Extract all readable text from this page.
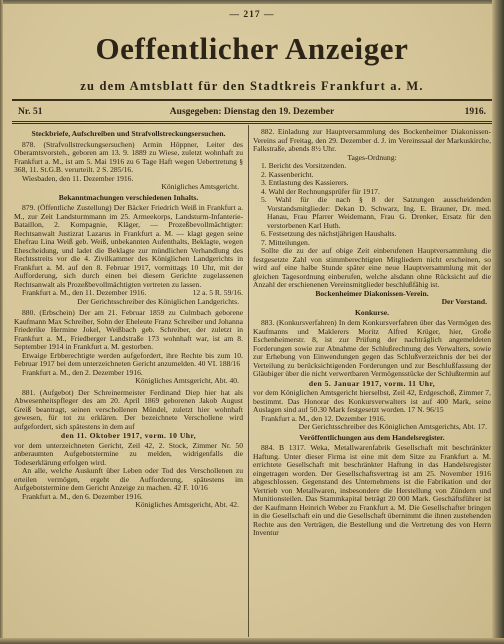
— 217 —
Oeffentlicher Anzeiger
zu dem Amtsblatt für den Stadtkreis Frankfurt a. M.
Nr. 51	Ausgegeben: Dienstag den 19. Dezember	1916.

Steckbriefe, Aufschreiben und Strafvollstreckungsersuchen.

878. (Strafvollstreckungsersuchen) Armin Höppner, Leiter des Oberamtsvorsteh., geboren am 13. 9. 1889 zu Wiese, zuletzt wohnhaft zu Frankfurt a. M., ist am 5. Mai 1916 zu 6 Tage Haft wegen Uebertretung § 368, 11. St.G.B. verurteilt. 2 S. 285/16.

Wiesbaden, den 11. Dezember 1916.

Königliches Amtsgericht.

Bekanntmachungen verschiedenen Inhalts.

879. (Öffentliche Zustellung) Der Bäcker Friedrich Weiß in Frankfurt a. M., zur Zeit Landsturmmann im 25. Armeekorps, Landsturm-Infanterie-Bataillon, 2. Kompagnie, Kläger, — Prozeßbevollmächtigter: Rechtsanwalt Justizrat Lazarus in Frankfurt a. M. — klagt gegen seine Ehefrau Lina Weiß geb. Weiß, unbekannten Aufenthalts, Beklagte, wegen Ehescheidung, und ladet die Beklagte zur mündlichen Verhandlung des Rechtsstreits vor die 4. Zivilkammer des Königlichen Landgerichts in Frankfurt a. M. auf den 8. Februar 1917, vormittags 10 Uhr, mit der Aufforderung, sich durch einen bei diesem Gerichte zugelassenen Rechtsanwalt als Prozeßbevollmächtigten vertreten zu lassen.

Frankfurt a. M., den 11. Dezember 1916.	12 a. 5 R. 59/16.

Der Gerichtsschreiber des Königlichen Landgerichts.

880. (Erbschein) Der am 21. Februar 1859 zu Culmbach geborene Kaufmann Max Schreiber, Sohn der Eheleute Franz Schreiber und Johanna Friederike Hermine Jokel, Weißbach geb. Schreiber, der zuletzt in Frankfurt a. M., Friedberger Landstraße 173 wohnhaft war, ist am 8. September 1914 in Frankfurt a. M. gestorben.

Etwaige Erbberechtigte werden aufgefordert, ihre Rechte bis zum 10. Februar 1917 bei dem unterzeichneten Gericht anzumelden. 40 VI. 188/16

Frankfurt a. M., den 2. Dezember 1916.

Königliches Amtsgericht, Abt. 40.

881. (Aufgebot) Der Schreinermeister Ferdinand Diep hier hat als Abwesenheitspfleger des am 20. April 1869 geborenen Jakob August Greiß beantragt, seinen verschollenen Mündel, zuletzt hier wohnhaft gewesen, für tot zu erklären. Der bezeichnete Verschollene wird aufgefordert, sich spätestens in dem auf

den 11. Oktober 1917, vorm. 10 Uhr,

vor dem unterzeichneten Gericht, Zeil 42, 2. Stock, Zimmer Nr. 50 anberaumten Aufgebotstermine zu melden, widrigenfalls die Todeserklärung erfolgen wird.

An alle, welche Auskunft über Leben oder Tod des Verschollenen zu erteilen vermögen, ergeht die Aufforderung, spätestens im Aufgebotstermine dem Gericht Anzeige zu machen. 42 F. 10/16

Frankfurt a. M., den 6. Dezember 1916.

Königliches Amtsgericht, Abt. 42.

882. Einladung zur Hauptversammlung des Bockenheimer Diakonissen-Vereins auf Freitag, den 29. Dezember d. J. im Vereinssaal der Markuskirche, Falkstraße, abends 8½ Uhr.

Tages-Ordnung:

1. Bericht des Vorsitzenden.

2. Kassenbericht.

3. Entlastung des Kassierers.

4. Wahl der Rechnungsprüfer für 1917.

5. Wahl für die nach § 8 der Satzungen ausscheidenden Vorstandsmitglieder: Dekan D. Schwarz, Ing. E. Brauner, Dr. med. Hanau, Frau Pfarrer Weidemann, Frau G. Drenker, Ersatz für den verstorbenen Karl Huth.

6. Festsetzung des nächstjährigen Haushalts.

7. Mitteilungen.

Sollte die zu der auf obige Zeit einberufenen Hauptversammlung die festgesetzte Zahl von stimmberechtigten Mitgliedern nicht erscheinen, so wird auf eine halbe Stunde später eine neue Hauptversammlung mit der gleichen Tagesordnung einberufen, welche alsdann ohne Rücksicht auf die Anzahl der erschienenen Vereinsmitglieder beschlußfähig ist.

Bockenheimer Diakonissen-Verein.

Der Vorstand.

Konkurse.

883. (Konkursverfahren) In dem Konkursverfahren über das Vermögen des Kaufmanns und Maklerers Moritz Alfred Krüger, hier, Große Eschenheimerstr. 8, ist zur Prüfung der nachträglich angemeldeten Forderungen sowie zur Abnahme der Schlußrechnung des Verwalters, sowie zur Erhebung von Einwendungen gegen das Schlußverzeichnis der bei der Verteilung zu berücksichtigenden Forderungen und zur Beschlußfassung der Gläubiger über die nicht verwertbaren Vermögensstücke der Schlußtermin auf

den 5. Januar 1917, vorm. 11 Uhr,

vor dem Königlichen Amtsgericht hierselbst, Zeil 42, Erdgeschoß, Zimmer 7, bestimmt. Das Honorar des Konkursverwalters ist auf 400 Mark, seine Auslagen sind auf 50.30 Mark festgesetzt worden. 17 N. 96/15

Frankfurt a. M., den 12. Dezember 1916.

Der Gerichtsschreiber des Königlichen Amtsgerichts, Abt. 17.

Veröffentlichungen aus dem Handelsregister.

884. B 1317. Weka, Metallwarenfabrik Gesellschaft mit beschränkter Haftung. Unter dieser Firma ist eine mit dem Sitze zu Frankfurt a. M. errichtete Gesellschaft mit beschränkter Haftung in das Handelsregister eingetragen worden. Der Gesellschaftsvertrag ist am 25. November 1916 abgeschlossen. Gegenstand des Unternehmens ist die Fabrikation und der Vertrieb von Metallwaren, insbesondere die Herstellung von Zündern und Munitionsteilen. Das Stammkapital beträgt 20 000 Mark. Geschäftsführer ist der Kaufmann Heinrich Weber zu Frankfurt a. M. Die Gesellschafter bringen in die Gesellschaft ein und die Gesellschaft übernimmt die ihnen zustehenden Rechte aus den Verträgen, die Bestellung und die Vertretung des von Herrn Inventur
